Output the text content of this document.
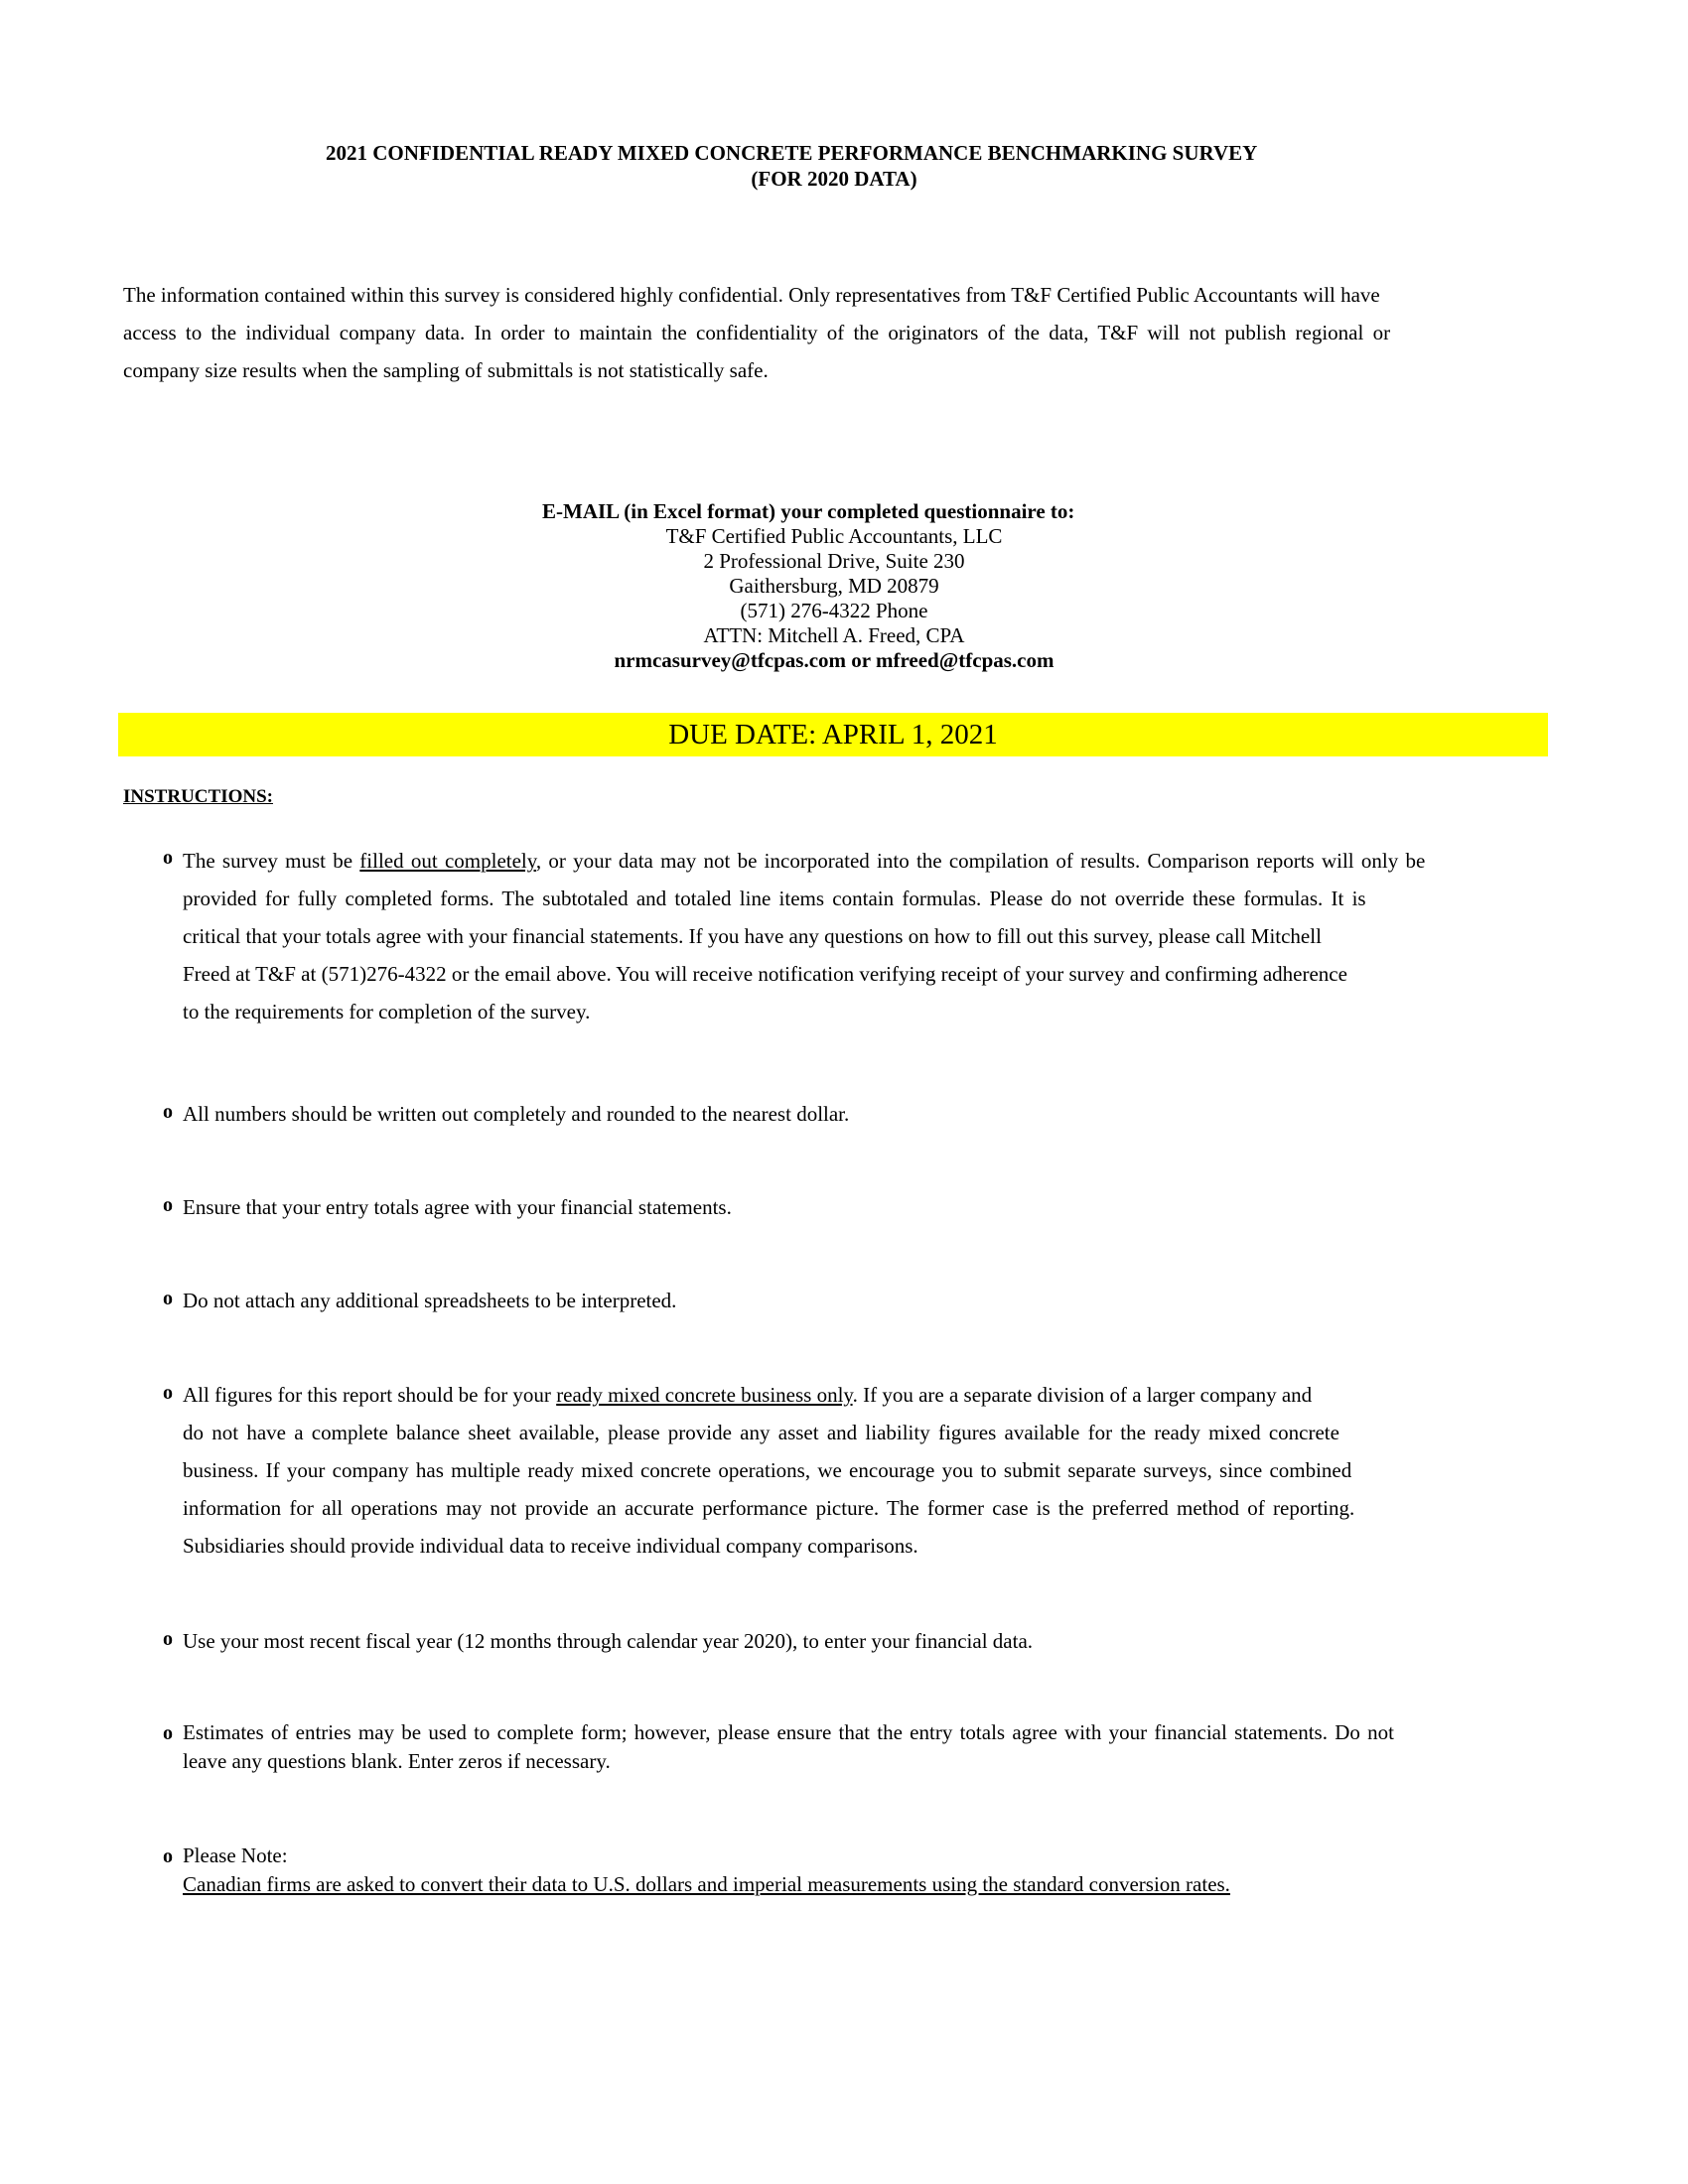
2021 CONFIDENTIAL READY MIXED CONCRETE PERFORMANCE BENCHMARKING SURVEY
(FOR 2020 DATA)
The information contained within this survey is considered highly confidential. Only representatives from T&F Certified Public Accountants will have
access to the individual company data. In order to maintain the confidentiality of the originators of the data, T&F will not publish regional or
company size results when the sampling of submittals is not statistically safe.
E-MAIL (in Excel format) your completed questionnaire to:
T&F Certified Public Accountants, LLC
2 Professional Drive, Suite 230
Gaithersburg, MD 20879
(571) 276-4322 Phone
ATTN: Mitchell A. Freed, CPA
nrmcasurvey@tfcpas.com or mfreed@tfcpas.com
DUE DATE: APRIL 1, 2021
INSTRUCTIONS:
o The survey must be filled out completely, or your data may not be incorporated into the compilation of results. Comparison reports will only be
provided for fully completed forms. The subtotaled and totaled line items contain formulas. Please do not override these formulas. It is
critical that your totals agree with your financial statements. If you have any questions on how to fill out this survey, please call Mitchell
Freed at T&F at (571)276-4322 or the email above. You will receive notification verifying receipt of your survey and confirming adherence
to the requirements for completion of the survey.
o All numbers should be written out completely and rounded to the nearest dollar.
o Ensure that your entry totals agree with your financial statements.
o Do not attach any additional spreadsheets to be interpreted.
o All figures for this report should be for your ready mixed concrete business only. If you are a separate division of a larger company and
do not have a complete balance sheet available, please provide any asset and liability figures available for the ready mixed concrete
business. If your company has multiple ready mixed concrete operations, we encourage you to submit separate surveys, since combined
information for all operations may not provide an accurate performance picture. The former case is the preferred method of reporting.
Subsidiaries should provide individual data to receive individual company comparisons.
o Use your most recent fiscal year (12 months through calendar year 2020), to enter your financial data.
o Estimates of entries may be used to complete form; however, please ensure that the entry totals agree with your financial statements. Do not
leave any questions blank. Enter zeros if necessary.
o Please Note:
Canadian firms are asked to convert their data to U.S. dollars and imperial measurements using the standard conversion rates.
